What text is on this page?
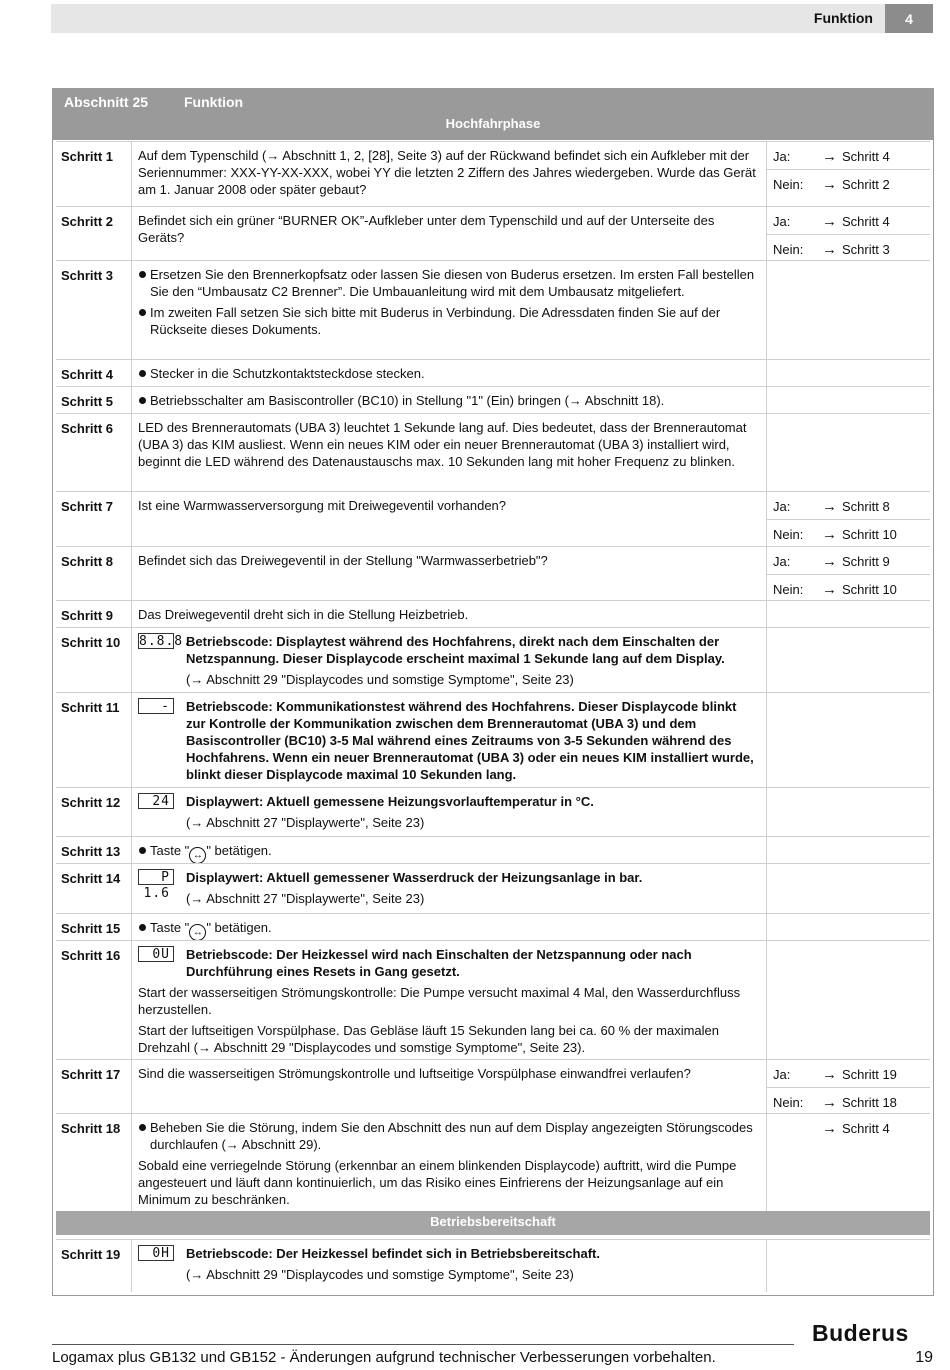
Funktion	4
Abschnitt 25	Funktion
Hochfahrphase
Schritt 1	Auf dem Typenschild (→ Abschnitt 1, 2, [28], Seite 3) auf der Rückwand befindet sich ein Aufkleber mit der Seriennummer: XXX-YY-XX-XXX, wobei YY die letzten 2 Ziffern des Jahres wiedergeben. Wurde das Gerät am 1. Januar 2008 oder später gebaut?

Ja: → Schritt 4
Nein: → Schritt 2
Schritt 2	Befindet sich ein grüner “BURNER OK”-Aufkleber unter dem Typenschild und auf der Unterseite des Geräts?

Ja: → Schritt 4
Nein: → Schritt 3
Schritt 3	Ersetzen Sie den Brennerkopfsatz oder lassen Sie diesen von Buderus ersetzen. Im ersten Fall bestellen Sie den “Umbausatz C2 Brenner”. Die Umbauanleitung wird mit dem Umbausatz mitgeliefert.

Im zweiten Fall setzen Sie sich bitte mit Buderus in Verbindung. Die Adressdaten finden Sie auf der Rückseite dieses Dokuments.

Schritt 4	Stecker in die Schutzkontaktsteckdose stecken.

Schritt 5	Betriebsschalter am Basiscontroller (BC10) in Stellung "1" (Ein) bringen (→ Abschnitt 18).

Schritt 6	LED des Brennerautomats (UBA 3) leuchtet 1 Sekunde lang auf. Dies bedeutet, dass der Brennerautomat (UBA 3) das KIM ausliest. Wenn ein neues KIM oder ein neuer Brennerautomat (UBA 3) installiert wird, beginnt die LED während des Datenaustauschs max. 10 Sekunden lang mit hoher Frequenz zu blinken.

Schritt 7	Ist eine Warmwasserversorgung mit Dreiwegeventil vorhanden?	Ja: → Schritt 8
Nein: → Schritt 10
Schritt 8	Befindet sich das Dreiwegeventil in der Stellung "Warmwasserbetrieb"?	Ja: → Schritt 9
Nein: → Schritt 10
Schritt 9	Das Dreiwegeventil dreht sich in die Stellung Heizbetrieb.

Schritt 10	8.8.8.

Betriebscode: Displaytest während des Hochfahrens, direkt nach dem Einschalten der Netzspannung. Dieser Displaycode erscheint maximal 1 Sekunde lang auf dem Display.

(→ Abschnitt 29 "Displaycodes und somstige Symptome", Seite 23)

Schritt 11	-	Betriebscode: Kommunikationstest während des Hochfahrens. Dieser Displaycode blinkt zur Kontrolle der Kommunikation zwischen dem Brennerautomat (UBA 3) und dem Basiscontroller (BC10) 3-5 Mal während eines Zeitraums von 3-5 Sekunden während des Hochfahrens. Wenn ein neuer Brennerautomat (UBA 3) oder ein neues KIM installiert wurde, blinkt dieser Displaycode maximal 10 Sekunden lang.

Schritt 12	24	Displaywert: Aktuell gemessene Heizungsvorlauftemperatur in °C.

(→ Abschnitt 27 "Displaywerte", Seite 23)

Schritt 13	Taste " ↔ " betätigen.

Schritt 14	P 1.6

Displaywert: Aktuell gemessener Wasserdruck der Heizungsanlage in bar.

(→ Abschnitt 27 "Displaywerte", Seite 23)

Schritt 15	Taste " ↔ " betätigen.

Schritt 16	0U	Betriebscode: Der Heizkessel wird nach Einschalten der Netzspannung oder nach Durchführung eines Resets in Gang gesetzt.

Start der wasserseitigen Strömungskontrolle: Die Pumpe versucht maximal 4 Mal, den Wasserdurchfluss herzustellen.

Start der luftseitigen Vorspülphase. Das Gebläse läuft 15 Sekunden lang bei ca. 60 % der maximalen Drehzahl (→ Abschnitt 29 "Displaycodes und somstige Symptome", Seite 23).

Schritt 17	Sind die wasserseitigen Strömungskontrolle und luftseitige Vorspülphase einwandfrei verlaufen?	Ja: → Schritt 19
Nein: → Schritt 18
Schritt 18	Beheben Sie die Störung, indem Sie den Abschnitt des nun auf dem Display angezeigten Störungscodes durchlaufen (→ Abschnitt 29).

Sobald eine verriegelnde Störung (erkennbar an einem blinkenden Displaycode) auftritt, wird die Pumpe angesteuert und läuft dann kontinuierlich, um das Risiko eines Einfrierens der Heizungsanlage auf ein Minimum zu beschränken.

→ Schritt 4
Schritt 19	0H	Betriebscode: Der Heizkessel befindet sich in Betriebsbereitschaft.

(→ Abschnitt 29 "Displaycodes und somstige Symptome", Seite 23)

Betriebsbereitschaft
Logamax plus GB132 und GB152 - Änderungen aufgrund technischer Verbesserungen vorbehalten.	19
Buderus
